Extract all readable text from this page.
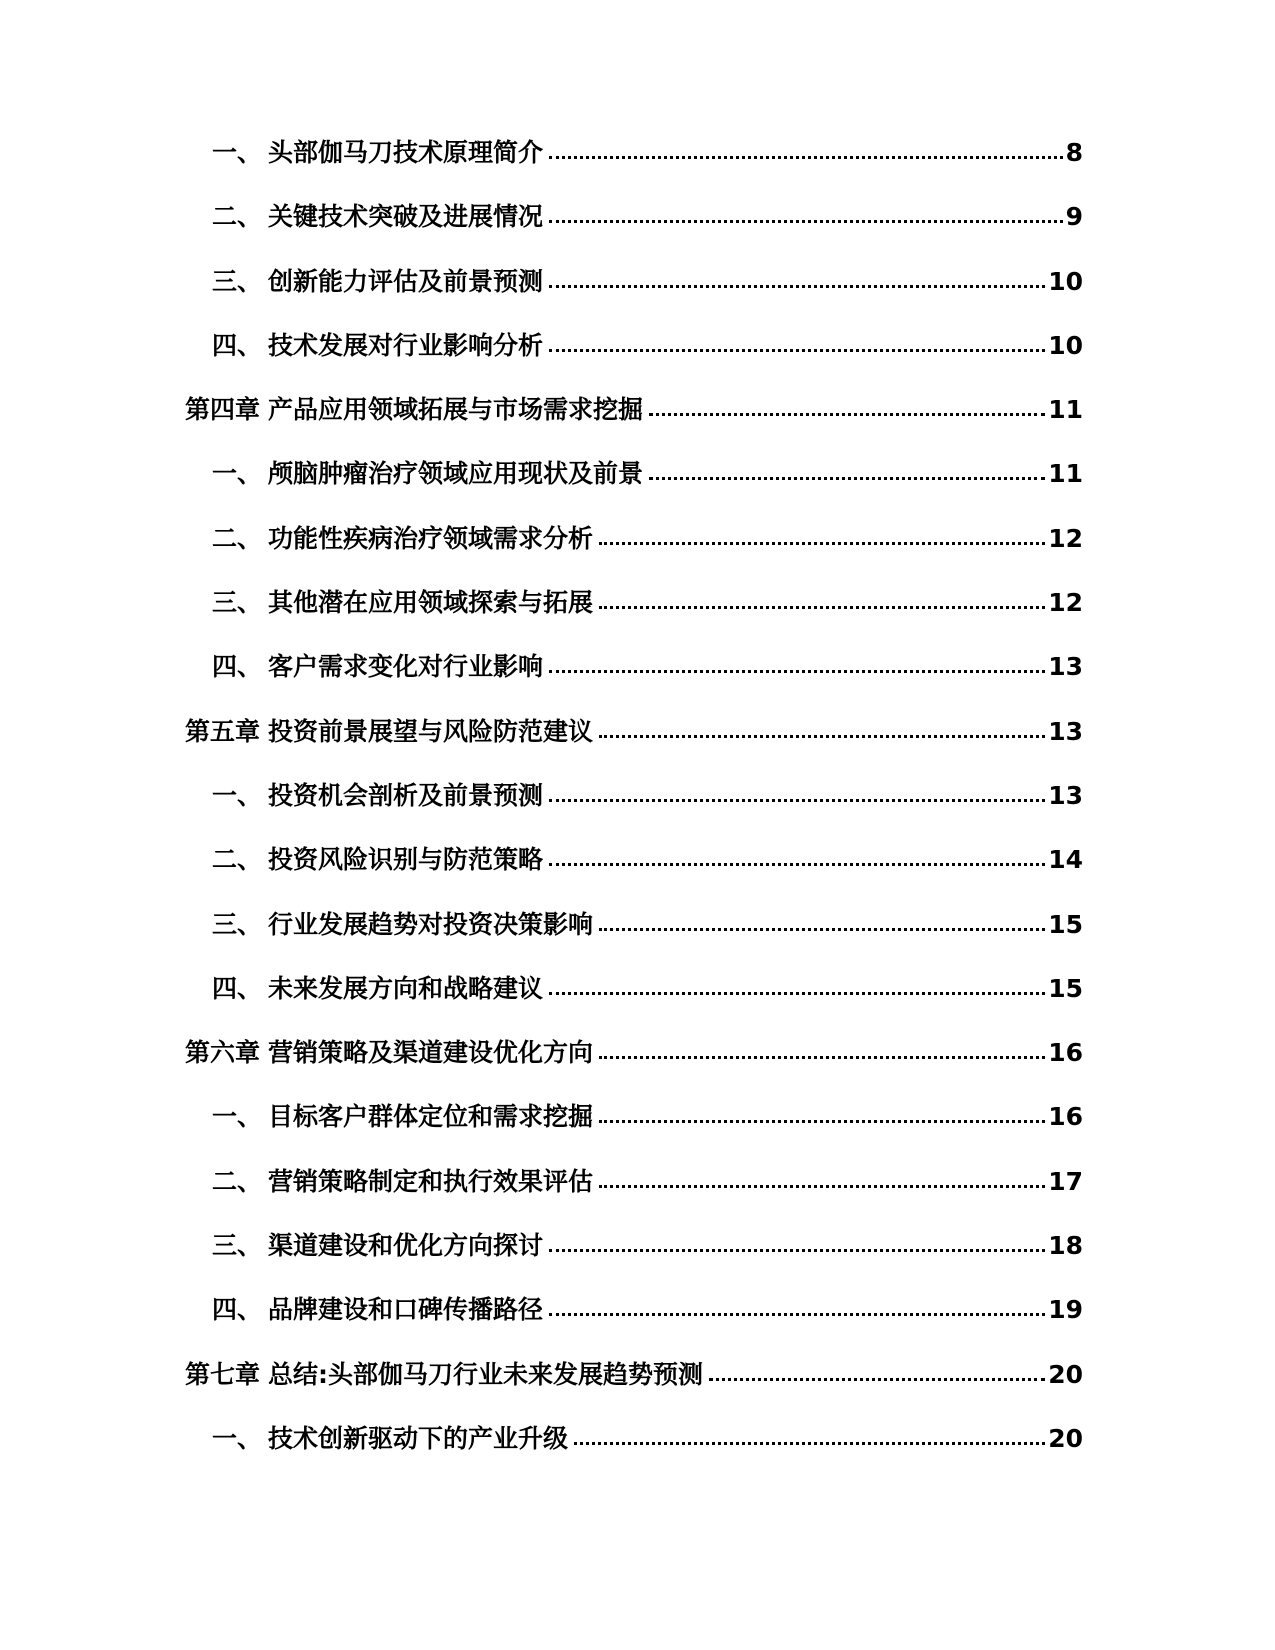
一、 头部伽马刀技术原理简介	8
二、 关键技术突破及进展情况	9
三、 创新能力评估及前景预测	10
四、 技术发展对行业影响分析	10
第四章 产品应用领域拓展与市场需求挖掘	11
一、 颅脑肿瘤治疗领域应用现状及前景	11
二、 功能性疾病治疗领域需求分析	12
三、 其他潜在应用领域探索与拓展	12
四、 客户需求变化对行业影响	13
第五章 投资前景展望与风险防范建议	13
一、 投资机会剖析及前景预测	13
二、 投资风险识别与防范策略	14
三、 行业发展趋势对投资决策影响	15
四、 未来发展方向和战略建议	15
第六章 营销策略及渠道建设优化方向	16
一、 目标客户群体定位和需求挖掘	16
二、 营销策略制定和执行效果评估	17
三、 渠道建设和优化方向探讨	18
四、 品牌建设和口碑传播路径	19
第七章 总结:头部伽马刀行业未来发展趋势预测	20
一、 技术创新驱动下的产业升级	20
